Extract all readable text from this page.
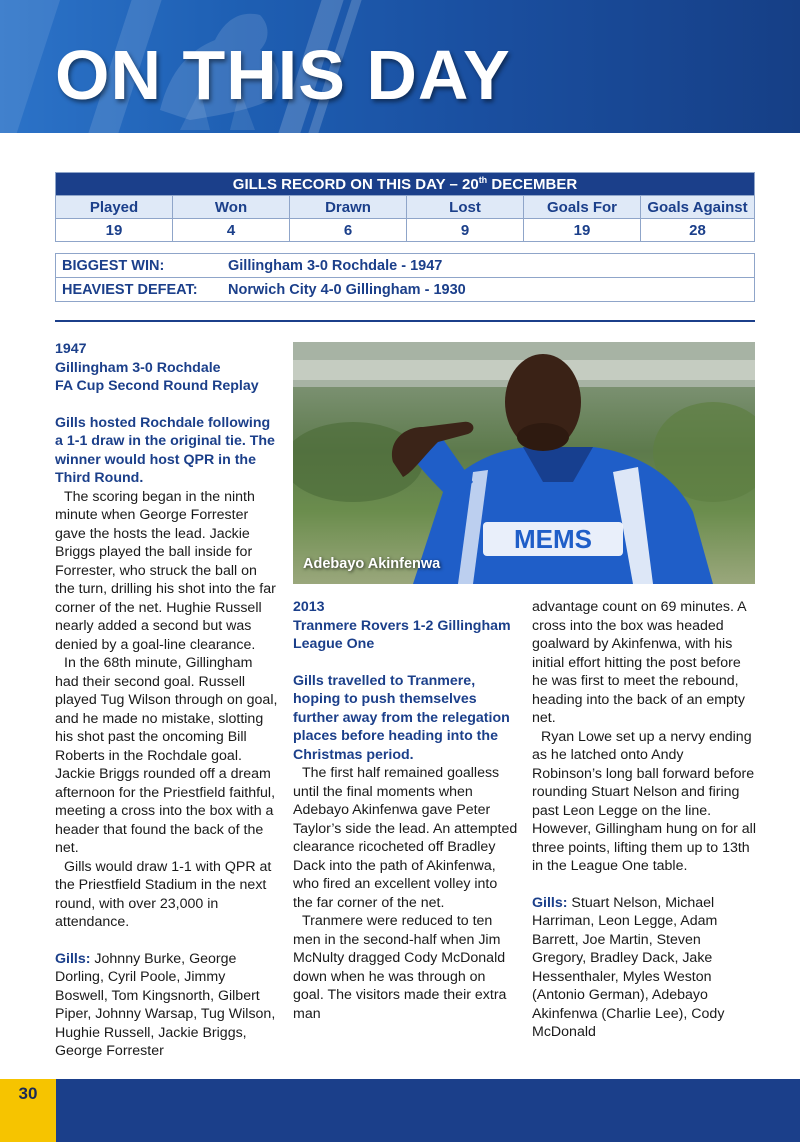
ON THIS DAY
GILLS RECORD ON THIS DAY – 20th DECEMBER					
Played	Won	Drawn	Lost	Goals For	Goals Against
19	4	6	9	19	28
BIGGEST WIN:	Gillingham 3-0 Rochdale - 1947
HEAVIEST DEFEAT:	Norwich City 4-0 Gillingham - 1930
1947
Gillingham 3-0 Rochdale
FA Cup Second Round Replay

Gills hosted Rochdale following a 1-1 draw in the original tie. The winner would host QPR in the Third Round.

The scoring began in the ninth minute when George Forrester gave the hosts the lead. Jackie Briggs played the ball inside for Forrester, who struck the ball on the turn, drilling his shot into the far corner of the net. Hughie Russell nearly added a second but was denied by a goal-line clearance.

In the 68th minute, Gillingham had their second goal. Russell played Tug Wilson through on goal, and he made no mistake, slotting his shot past the oncoming Bill Roberts in the Rochdale goal. Jackie Briggs rounded off a dream afternoon for the Priestfield faithful, meeting a cross into the box with a header that found the back of the net.

Gills would draw 1-1 with QPR at the Priestfield Stadium in the next round, with over 23,000 in attendance.

Gills: Johnny Burke, George Dorling, Cyril Poole, Jimmy Boswell, Tom Kingsnorth, Gilbert Piper, Johnny Warsap, Tug Wilson, Hughie Russell, Jackie Briggs, George Forrester

MEMS
Adebayo Akinfenwa
2013
Tranmere Rovers 1-2 Gillingham
League One

Gills travelled to Tranmere, hoping to push themselves further away from the relegation places before heading into the Christmas period.

The first half remained goalless until the final moments when Adebayo Akinfenwa gave Peter Taylor’s side the lead. An attempted clearance ricocheted off Bradley Dack into the path of Akinfenwa, who fired an excellent volley into the far corner of the net.

Tranmere were reduced to ten men in the second-half when Jim McNulty dragged Cody McDonald down when he was through on goal. The visitors made their extra man

advantage count on 69 minutes. A cross into the box was headed goalward by Akinfenwa, with his initial effort hitting the post before he was first to meet the rebound, heading into the back of an empty net.

Ryan Lowe set up a nervy ending as he latched onto Andy Robinson’s long ball forward before rounding Stuart Nelson and firing past Leon Legge on the line. However, Gillingham hung on for all three points, lifting them up to 13th in the League One table.

Gills: Stuart Nelson, Michael Harriman, Leon Legge, Adam Barrett, Joe Martin, Steven Gregory, Bradley Dack, Jake Hessenthaler, Myles Weston (Antonio German), Adebayo Akinfenwa (Charlie Lee), Cody McDonald

30
